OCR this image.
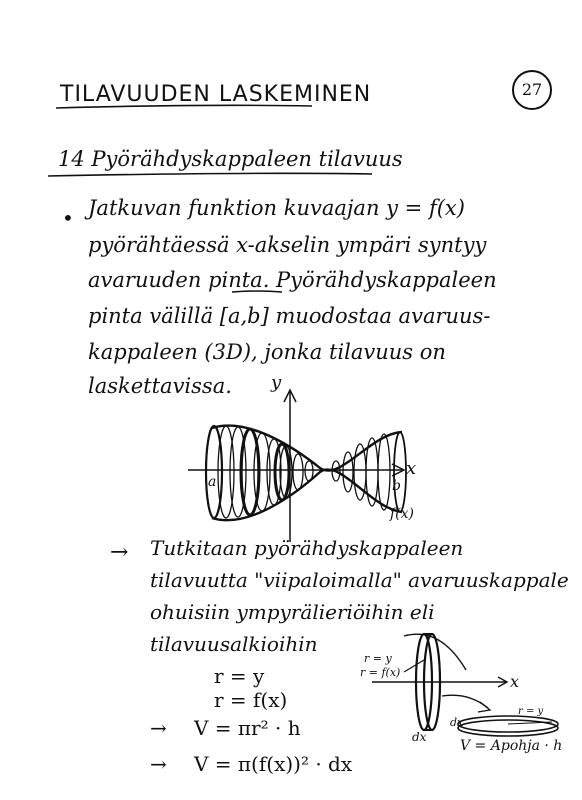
TILAVUUDEN LASKEMINEN	27
14 Pyörähdyskappaleen tilavuus
• Jatkuvan funktion kuvaajan y = f(x)
pyörähtäessä x-akselin ympäri syntyy
avaruuden pinta. Pyörähdyskappaleen
pinta välillä [a,b] muodostaa avaruus-
kappaleen (3D), jonka tilavuus on
laskettavissa. y
x
a	b
f(x)
→ Tutkitaan pyörähdyskappaleen
tilavuutta "viipaloimalla" avaruuskappale
ohuisiin ympyrälieriöihin eli
tilavuusalkioihin
r = y
r = f(x)
→ V = πr² · h
→ V = π(f(x))² · dx
r = y
r = f(x)	x
dx
dx
r = y
V = Apohja · h
